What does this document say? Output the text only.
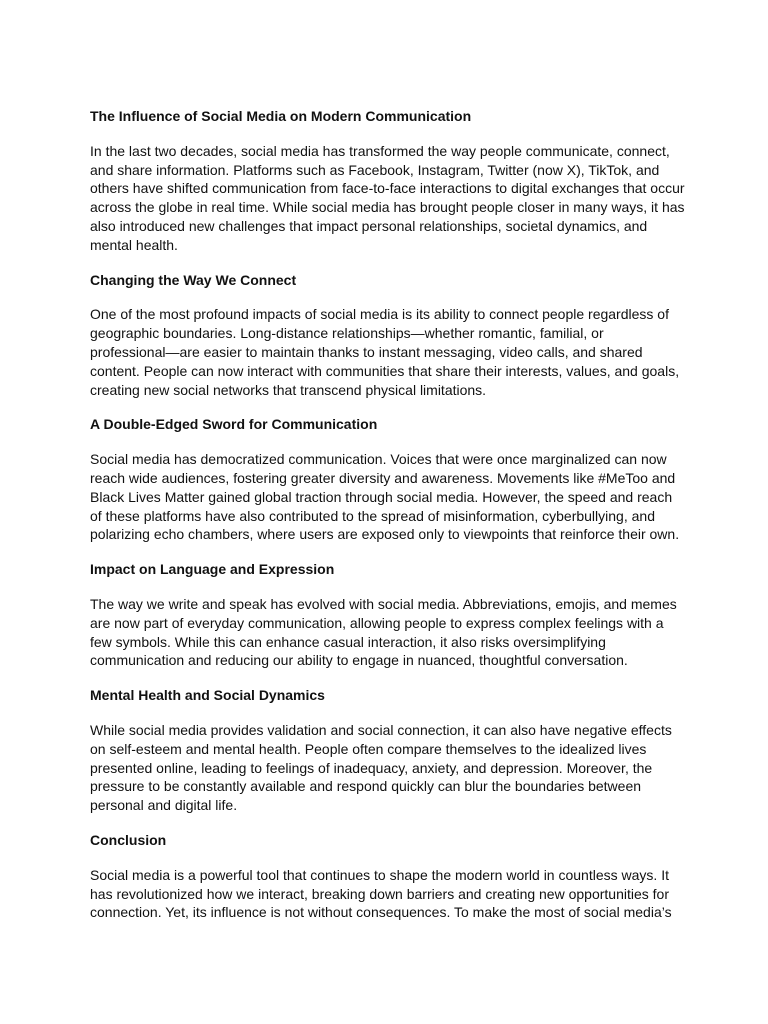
The Influence of Social Media on Modern Communication

In the last two decades, social media has transformed the way people communicate, connect,
and share information. Platforms such as Facebook, Instagram, Twitter (now X), TikTok, and
others have shifted communication from face-to-face interactions to digital exchanges that occur
across the globe in real time. While social media has brought people closer in many ways, it has
also introduced new challenges that impact personal relationships, societal dynamics, and
mental health.

Changing the Way We Connect

One of the most profound impacts of social media is its ability to connect people regardless of
geographic boundaries. Long-distance relationships—whether romantic, familial, or
professional—are easier to maintain thanks to instant messaging, video calls, and shared
content. People can now interact with communities that share their interests, values, and goals,
creating new social networks that transcend physical limitations.

A Double-Edged Sword for Communication

Social media has democratized communication. Voices that were once marginalized can now
reach wide audiences, fostering greater diversity and awareness. Movements like #MeToo and
Black Lives Matter gained global traction through social media. However, the speed and reach
of these platforms have also contributed to the spread of misinformation, cyberbullying, and
polarizing echo chambers, where users are exposed only to viewpoints that reinforce their own.

Impact on Language and Expression

The way we write and speak has evolved with social media. Abbreviations, emojis, and memes
are now part of everyday communication, allowing people to express complex feelings with a
few symbols. While this can enhance casual interaction, it also risks oversimplifying
communication and reducing our ability to engage in nuanced, thoughtful conversation.

Mental Health and Social Dynamics

While social media provides validation and social connection, it can also have negative effects
on self-esteem and mental health. People often compare themselves to the idealized lives
presented online, leading to feelings of inadequacy, anxiety, and depression. Moreover, the
pressure to be constantly available and respond quickly can blur the boundaries between
personal and digital life.

Conclusion

Social media is a powerful tool that continues to shape the modern world in countless ways. It
has revolutionized how we interact, breaking down barriers and creating new opportunities for
connection. Yet, its influence is not without consequences. To make the most of social media’s
